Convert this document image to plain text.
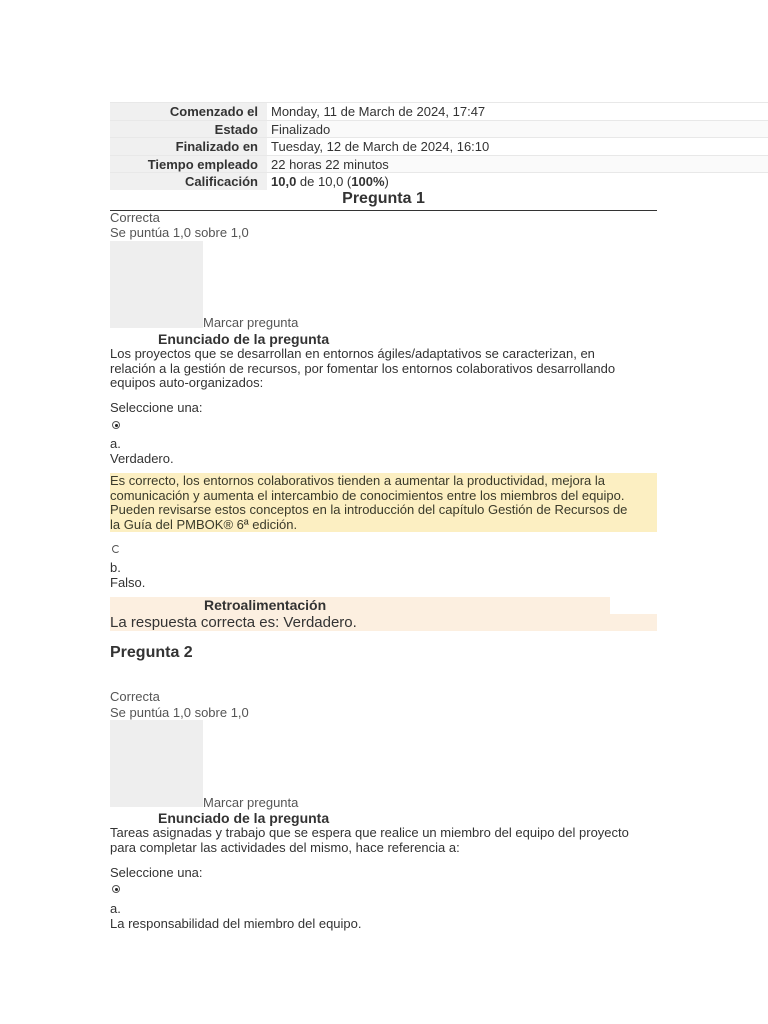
Comenzado el	Monday, 11 de March de 2024, 17:47
Estado	Finalizado
Finalizado en	Tuesday, 12 de March de 2024, 16:10
Tiempo empleado	22 horas 22 minutos
Calificación	10,0 de 10,0 (100%)
Pregunta 1
Correcta
Se puntúa 1,0 sobre 1,0
Marcar pregunta
Enunciado de la pregunta
Los proyectos que se desarrollan en entornos ágiles/adaptativos se caracterizan, en
relación a la gestión de recursos, por fomentar los entornos colaborativos desarrollando
equipos auto-organizados:
Seleccione una:
a.
Verdadero.
Es correcto, los entornos colaborativos tienden a aumentar la productividad, mejora la
comunicación y aumenta el intercambio de conocimientos entre los miembros del equipo.
Pueden revisarse estos conceptos en la introducción del capítulo Gestión de Recursos de
la Guía del PMBOK® 6ª edición.
b.
Falso.
Retroalimentación
La respuesta correcta es: Verdadero.
Pregunta 2
Correcta
Se puntúa 1,0 sobre 1,0
Marcar pregunta
Enunciado de la pregunta
Tareas asignadas y trabajo que se espera que realice un miembro del equipo del proyecto
para completar las actividades del mismo, hace referencia a:
Seleccione una:
a.
La responsabilidad del miembro del equipo.
